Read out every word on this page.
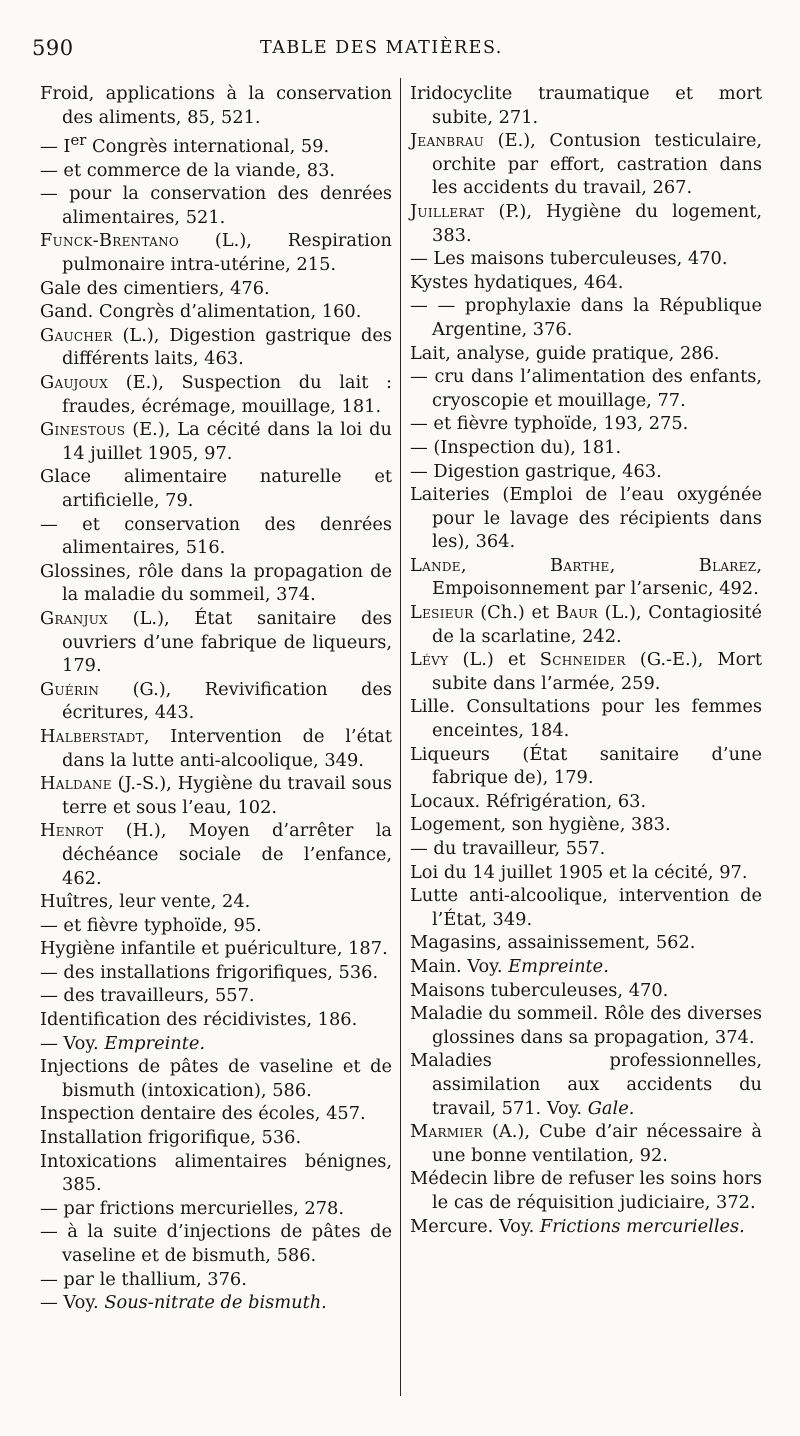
590	TABLE DES MATIÈRES.

Froid, applications à la conservation des aliments, 85, 521.

— Ier Congrès international, 59.

— et commerce de la viande, 83.

— pour la conservation des denrées alimentaires, 521.

Funck-Brentano (L.), Respiration pulmonaire intra-utérine, 215.

Gale des cimentiers, 476.

Gand. Congrès d’alimentation, 160.

Gaucher (L.), Digestion gastrique des différents laits, 463.

Gaujoux (E.), Suspection du lait : fraudes, écrémage, mouillage, 181.

Ginestous (E.), La cécité dans la loi du 14 juillet 1905, 97.

Glace alimentaire naturelle et artificielle, 79.

— et conservation des denrées alimentaires, 516.

Glossines, rôle dans la propagation de la maladie du sommeil, 374.

Granjux (L.), État sanitaire des ouvriers d’une fabrique de liqueurs, 179.

Guérin (G.), Revivification des écritures, 443.

Halberstadt, Intervention de l’état dans la lutte anti-alcoolique, 349.

Haldane (J.-S.), Hygiène du travail sous terre et sous l’eau, 102.

Henrot (H.), Moyen d’arrêter la déchéance sociale de l’enfance, 462.

Huîtres, leur vente, 24.

— et fièvre typhoïde, 95.

Hygiène infantile et puériculture, 187.

— des installations frigorifiques, 536.

— des travailleurs, 557.

Identification des récidivistes, 186.

— Voy. Empreinte.

Injections de pâtes de vaseline et de bismuth (intoxication), 586.

Inspection dentaire des écoles, 457.

Installation frigorifique, 536.

Intoxications alimentaires bénignes, 385.

— par frictions mercurielles, 278.

— à la suite d’injections de pâtes de vaseline et de bismuth, 586.

— par le thallium, 376.

— Voy. Sous-nitrate de bismuth.

Iridocyclite traumatique et mort subite, 271.

Jeanbrau (E.), Contusion testiculaire, orchite par effort, castration dans les accidents du travail, 267.

Juillerat (P.), Hygiène du logement, 383.

— Les maisons tuberculeuses, 470.

Kystes hydatiques, 464.

— — prophylaxie dans la République Argentine, 376.

Lait, analyse, guide pratique, 286.

— cru dans l’alimentation des enfants, cryoscopie et mouillage, 77.

— et fièvre typhoïde, 193, 275.

— (Inspection du), 181.

— Digestion gastrique, 463.

Laiteries (Emploi de l’eau oxygénée pour le lavage des récipients dans les), 364.

Lande, Barthe, Blarez, Empoisonnement par l’arsenic, 492.

Lesieur (Ch.) et Baur (L.), Contagiosité de la scarlatine, 242.

Lévy (L.) et Schneider (G.-E.), Mort subite dans l’armée, 259.

Lille. Consultations pour les femmes enceintes, 184.

Liqueurs (État sanitaire d’une fabrique de), 179.

Locaux. Réfrigération, 63.

Logement, son hygiène, 383.

— du travailleur, 557.

Loi du 14 juillet 1905 et la cécité, 97.

Lutte anti-alcoolique, intervention de l’État, 349.

Magasins, assainissement, 562.

Main. Voy. Empreinte.

Maisons tuberculeuses, 470.

Maladie du sommeil. Rôle des diverses glossines dans sa propagation, 374.

Maladies professionnelles, assimilation aux accidents du travail, 571. Voy. Gale.

Marmier (A.), Cube d’air nécessaire à une bonne ventilation, 92.

Médecin libre de refuser les soins hors le cas de réquisition judiciaire, 372.

Mercure. Voy. Frictions mercurielles.
